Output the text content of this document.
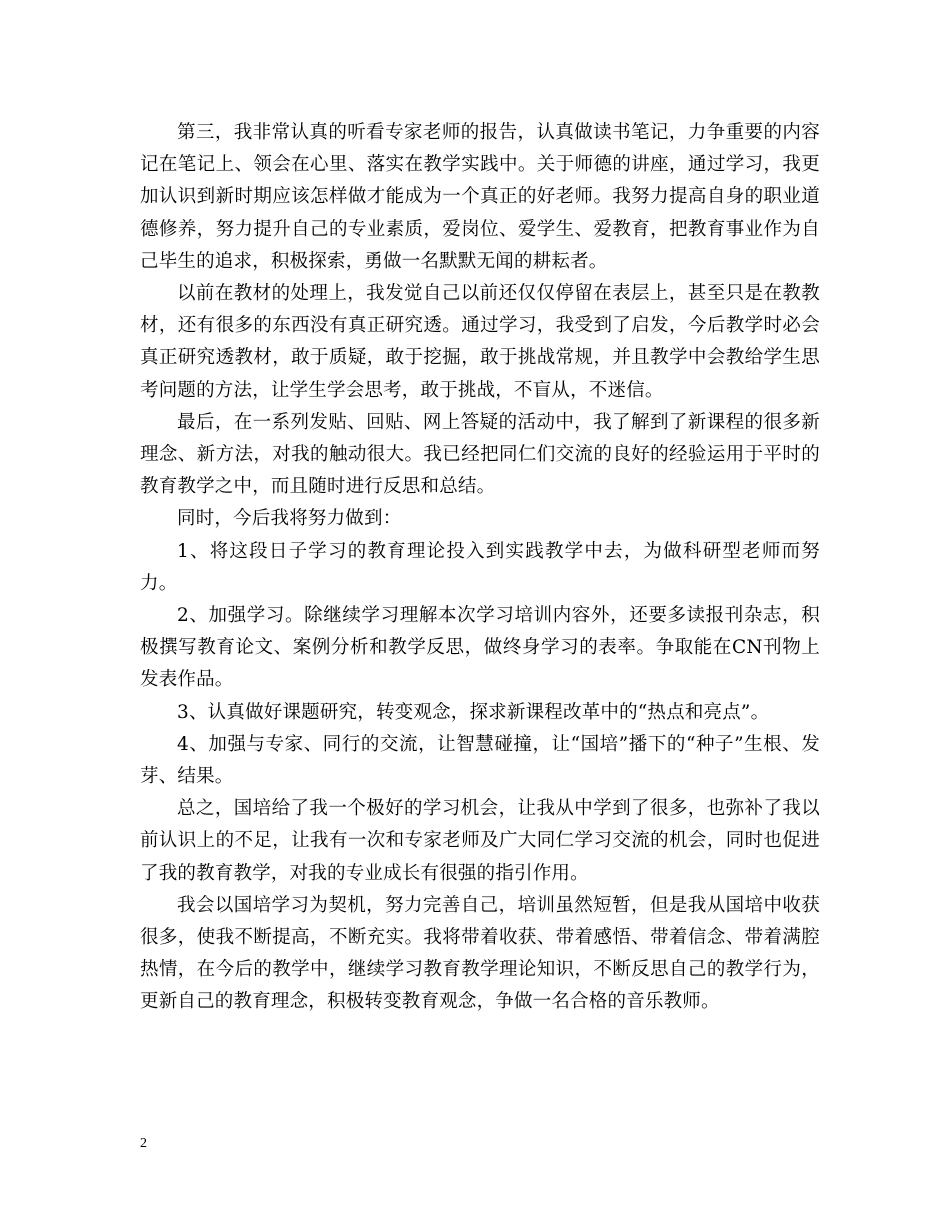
第三，我非常认真的听看专家老师的报告，认真做读书笔记，力争重要的内容记在笔记上、领会在心里、落实在教学实践中。关于师德的讲座，通过学习，我更加认识到新时期应该怎样做才能成为一个真正的好老师。我努力提高自身的职业道德修养，努力提升自己的专业素质，爱岗位、爱学生、爱教育，把教育事业作为自己毕生的追求，积极探索，勇做一名默默无闻的耕耘者。

以前在教材的处理上，我发觉自己以前还仅仅停留在表层上，甚至只是在教教材，还有很多的东西没有真正研究透。通过学习，我受到了启发，今后教学时必会真正研究透教材，敢于质疑，敢于挖掘，敢于挑战常规，并且教学中会教给学生思考问题的方法，让学生学会思考，敢于挑战，不盲从，不迷信。

最后，在一系列发贴、回贴、网上答疑的活动中，我了解到了新课程的很多新理念、新方法，对我的触动很大。我已经把同仁们交流的良好的经验运用于平时的教育教学之中，而且随时进行反思和总结。

同时，今后我将努力做到：

1、将这段日子学习的教育理论投入到实践教学中去，为做科研型老师而努力。

2、加强学习。除继续学习理解本次学习培训内容外，还要多读报刊杂志，积极撰写教育论文、案例分析和教学反思，做终身学习的表率。争取能在CN刊物上发表作品。

3、认真做好课题研究，转变观念，探求新课程改革中的“热点和亮点”。

4、加强与专家、同行的交流，让智慧碰撞，让“国培”播下的“种子”生根、发芽、结果。

总之，国培给了我一个极好的学习机会，让我从中学到了很多，也弥补了我以前认识上的不足，让我有一次和专家老师及广大同仁学习交流的机会，同时也促进了我的教育教学，对我的专业成长有很强的指引作用。

我会以国培学习为契机，努力完善自己，培训虽然短暂，但是我从国培中收获很多，使我不断提高，不断充实。我将带着收获、带着感悟、带着信念、带着满腔热情，在今后的教学中，继续学习教育教学理论知识，不断反思自己的教学行为，更新自己的教育理念，积极转变教育观念，争做一名合格的音乐教师。

2
